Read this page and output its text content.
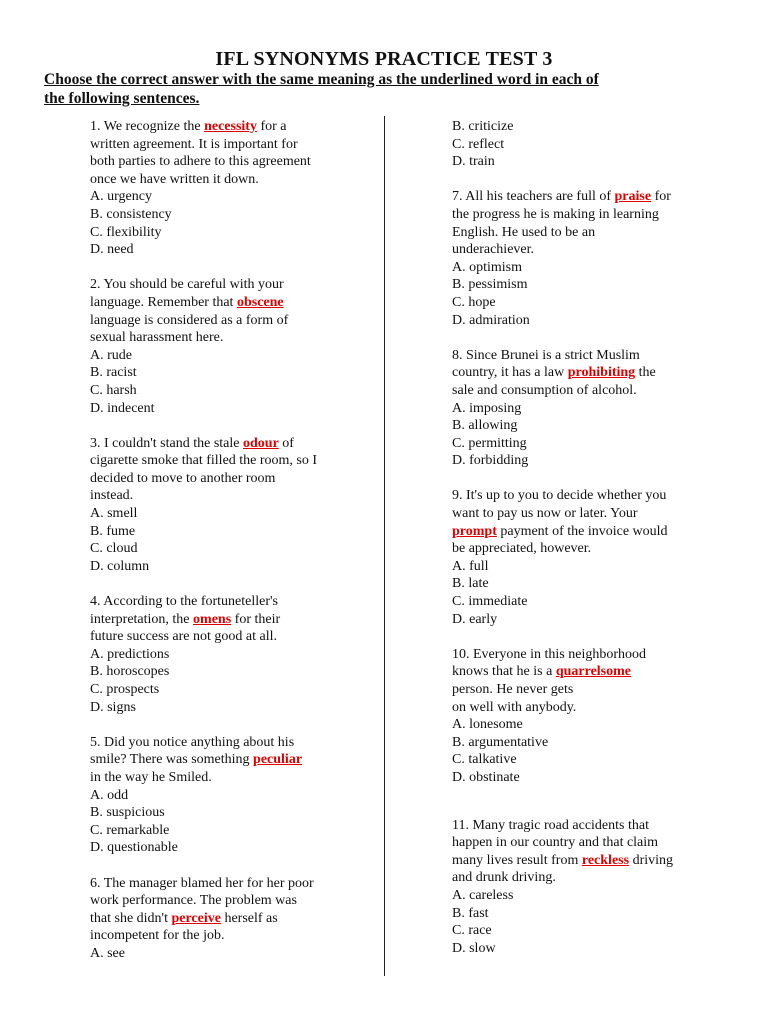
IFL SYNONYMS PRACTICE TEST 3
Choose the correct answer with the same meaning as the underlined word in each of
the following sentences.
1. We recognize the necessity for a
written agreement. It is important for
both parties to adhere to this agreement
once we have written it down.
A. urgency
B. consistency
C. flexibility
D. need
2. You should be careful with your
language. Remember that obscene
language is considered as a form of
sexual harassment here.
A. rude
B. racist
C. harsh
D. indecent
3. I couldn't stand the stale odour of
cigarette smoke that filled the room, so I
decided to move to another room
instead.
A. smell
B. fume
C. cloud
D. column
4. According to the fortuneteller's
interpretation, the omens for their
future success are not good at all.
A. predictions
B. horoscopes
C. prospects
D. signs
5. Did you notice anything about his
smile? There was something peculiar
in the way he Smiled.
A. odd
B. suspicious
C. remarkable
D. questionable
6. The manager blamed her for her poor
work performance. The problem was
that she didn't perceive herself as
incompetent for the job.
A. see
B. criticize
C. reflect
D. train
7. All his teachers are full of praise for
the progress he is making in learning
English. He used to be an
underachiever.
A. optimism
B. pessimism
C. hope
D. admiration
8. Since Brunei is a strict Muslim
country, it has a law prohibiting the
sale and consumption of alcohol.
A. imposing
B. allowing
C. permitting
D. forbidding
9. It's up to you to decide whether you
want to pay us now or later. Your
prompt payment of the invoice would
be appreciated, however.
A. full
B. late
C. immediate
D. early
10. Everyone in this neighborhood
knows that he is a quarrelsome
person. He never gets
on well with anybody.
A. lonesome
B. argumentative
C. talkative
D. obstinate
11. Many tragic road accidents that
happen in our country and that claim
many lives result from reckless driving
and drunk driving.
A. careless
B. fast
C. race
D. slow
